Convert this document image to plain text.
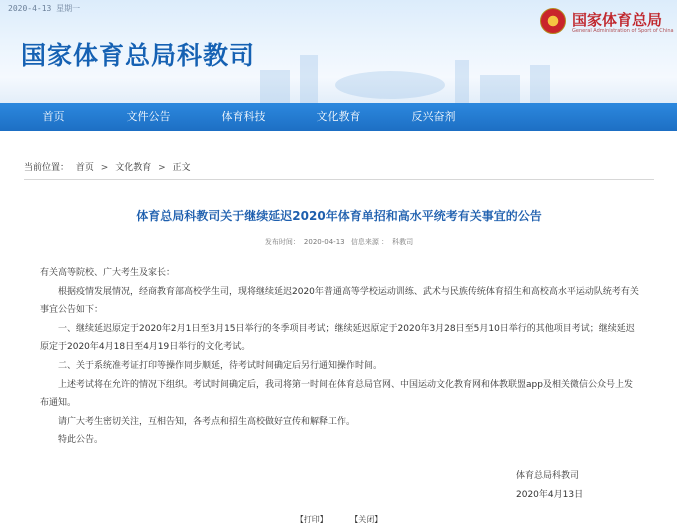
2020-4-13 星期一
国家体育总局科教司
国家体育总局
General Administration of Sport of China
首页	文件公告	体育科技	文化教育	反兴奋剂
当前位置： 首页 > 文化教育 > 正文
体育总局科教司关于继续延迟2020年体育单招和高水平统考有关事宜的公告
发布时间： 2020-04-13 信息来源 ： 科教司

有关高等院校、广大考生及家长：

根据疫情发展情况，经商教育部高校学生司，现将继续延迟2020年普通高等学校运动训练、武术与民族传统体育招生和高校高水平运动队统考有关事宜公告如下：

一、继续延迟原定于2020年2月1日至3月15日举行的冬季项目考试；继续延迟原定于2020年3月28日至5月10日举行的其他项目考试；继续延迟原定于2020年4月18日至4月19日举行的文化考试。

二、关于系统准考证打印等操作同步顺延，待考试时间确定后另行通知操作时间。

上述考试将在允许的情况下组织。考试时间确定后，我司将第一时间在体育总局官网、中国运动文化教育网和体教联盟app及相关微信公众号上发布通知。

请广大考生密切关注，互相告知，各考点和招生高校做好宣传和解释工作。

特此公告。

体育总局科教司
2020年4月13日
【打印】	【关闭】
